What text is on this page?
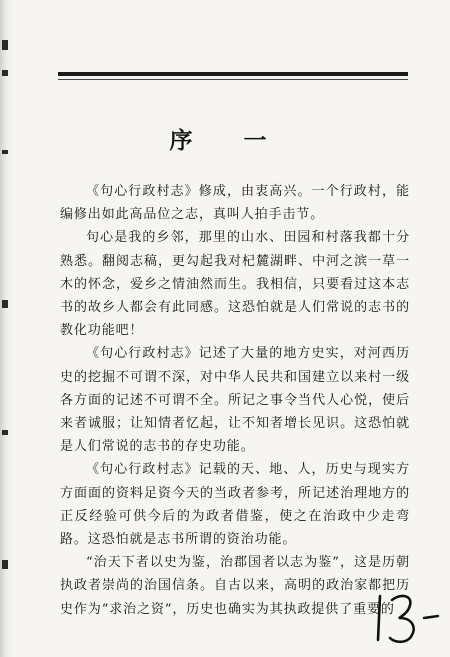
序　一

《句心行政村志》修成，由衷高兴。一个行政村，能编修出如此高品位之志，真叫人拍手击节。

句心是我的乡邻，那里的山水、田园和村落我都十分熟悉。翻阅志稿，更勾起我对杞麓湖畔、中河之滨一草一木的怀念，爱乡之情油然而生。我相信，只要看过这本志书的故乡人都会有此同感。这恐怕就是人们常说的志书的教化功能吧！

《句心行政村志》记述了大量的地方史实，对河西历史的挖掘不可谓不深，对中华人民共和国建立以来村一级各方面的记述不可谓不全。所记之事令当代人心悦，使后来者诚服；让知情者忆起，让不知者增长见识。这恐怕就是人们常说的志书的存史功能。

《句心行政村志》记载的天、地、人，历史与现实方方面面的资料足资今天的当政者参考，所记述治理地方的正反经验可供今后的为政者借鉴，使之在治政中少走弯路。这恐怕就是志书所谓的资治功能。

“治天下者以史为鉴，治郡国者以志为鉴”，这是历朝执政者崇尚的治国信条。自古以来，高明的政治家都把历史作为“求治之资”，历史也确实为其执政提供了重要的
